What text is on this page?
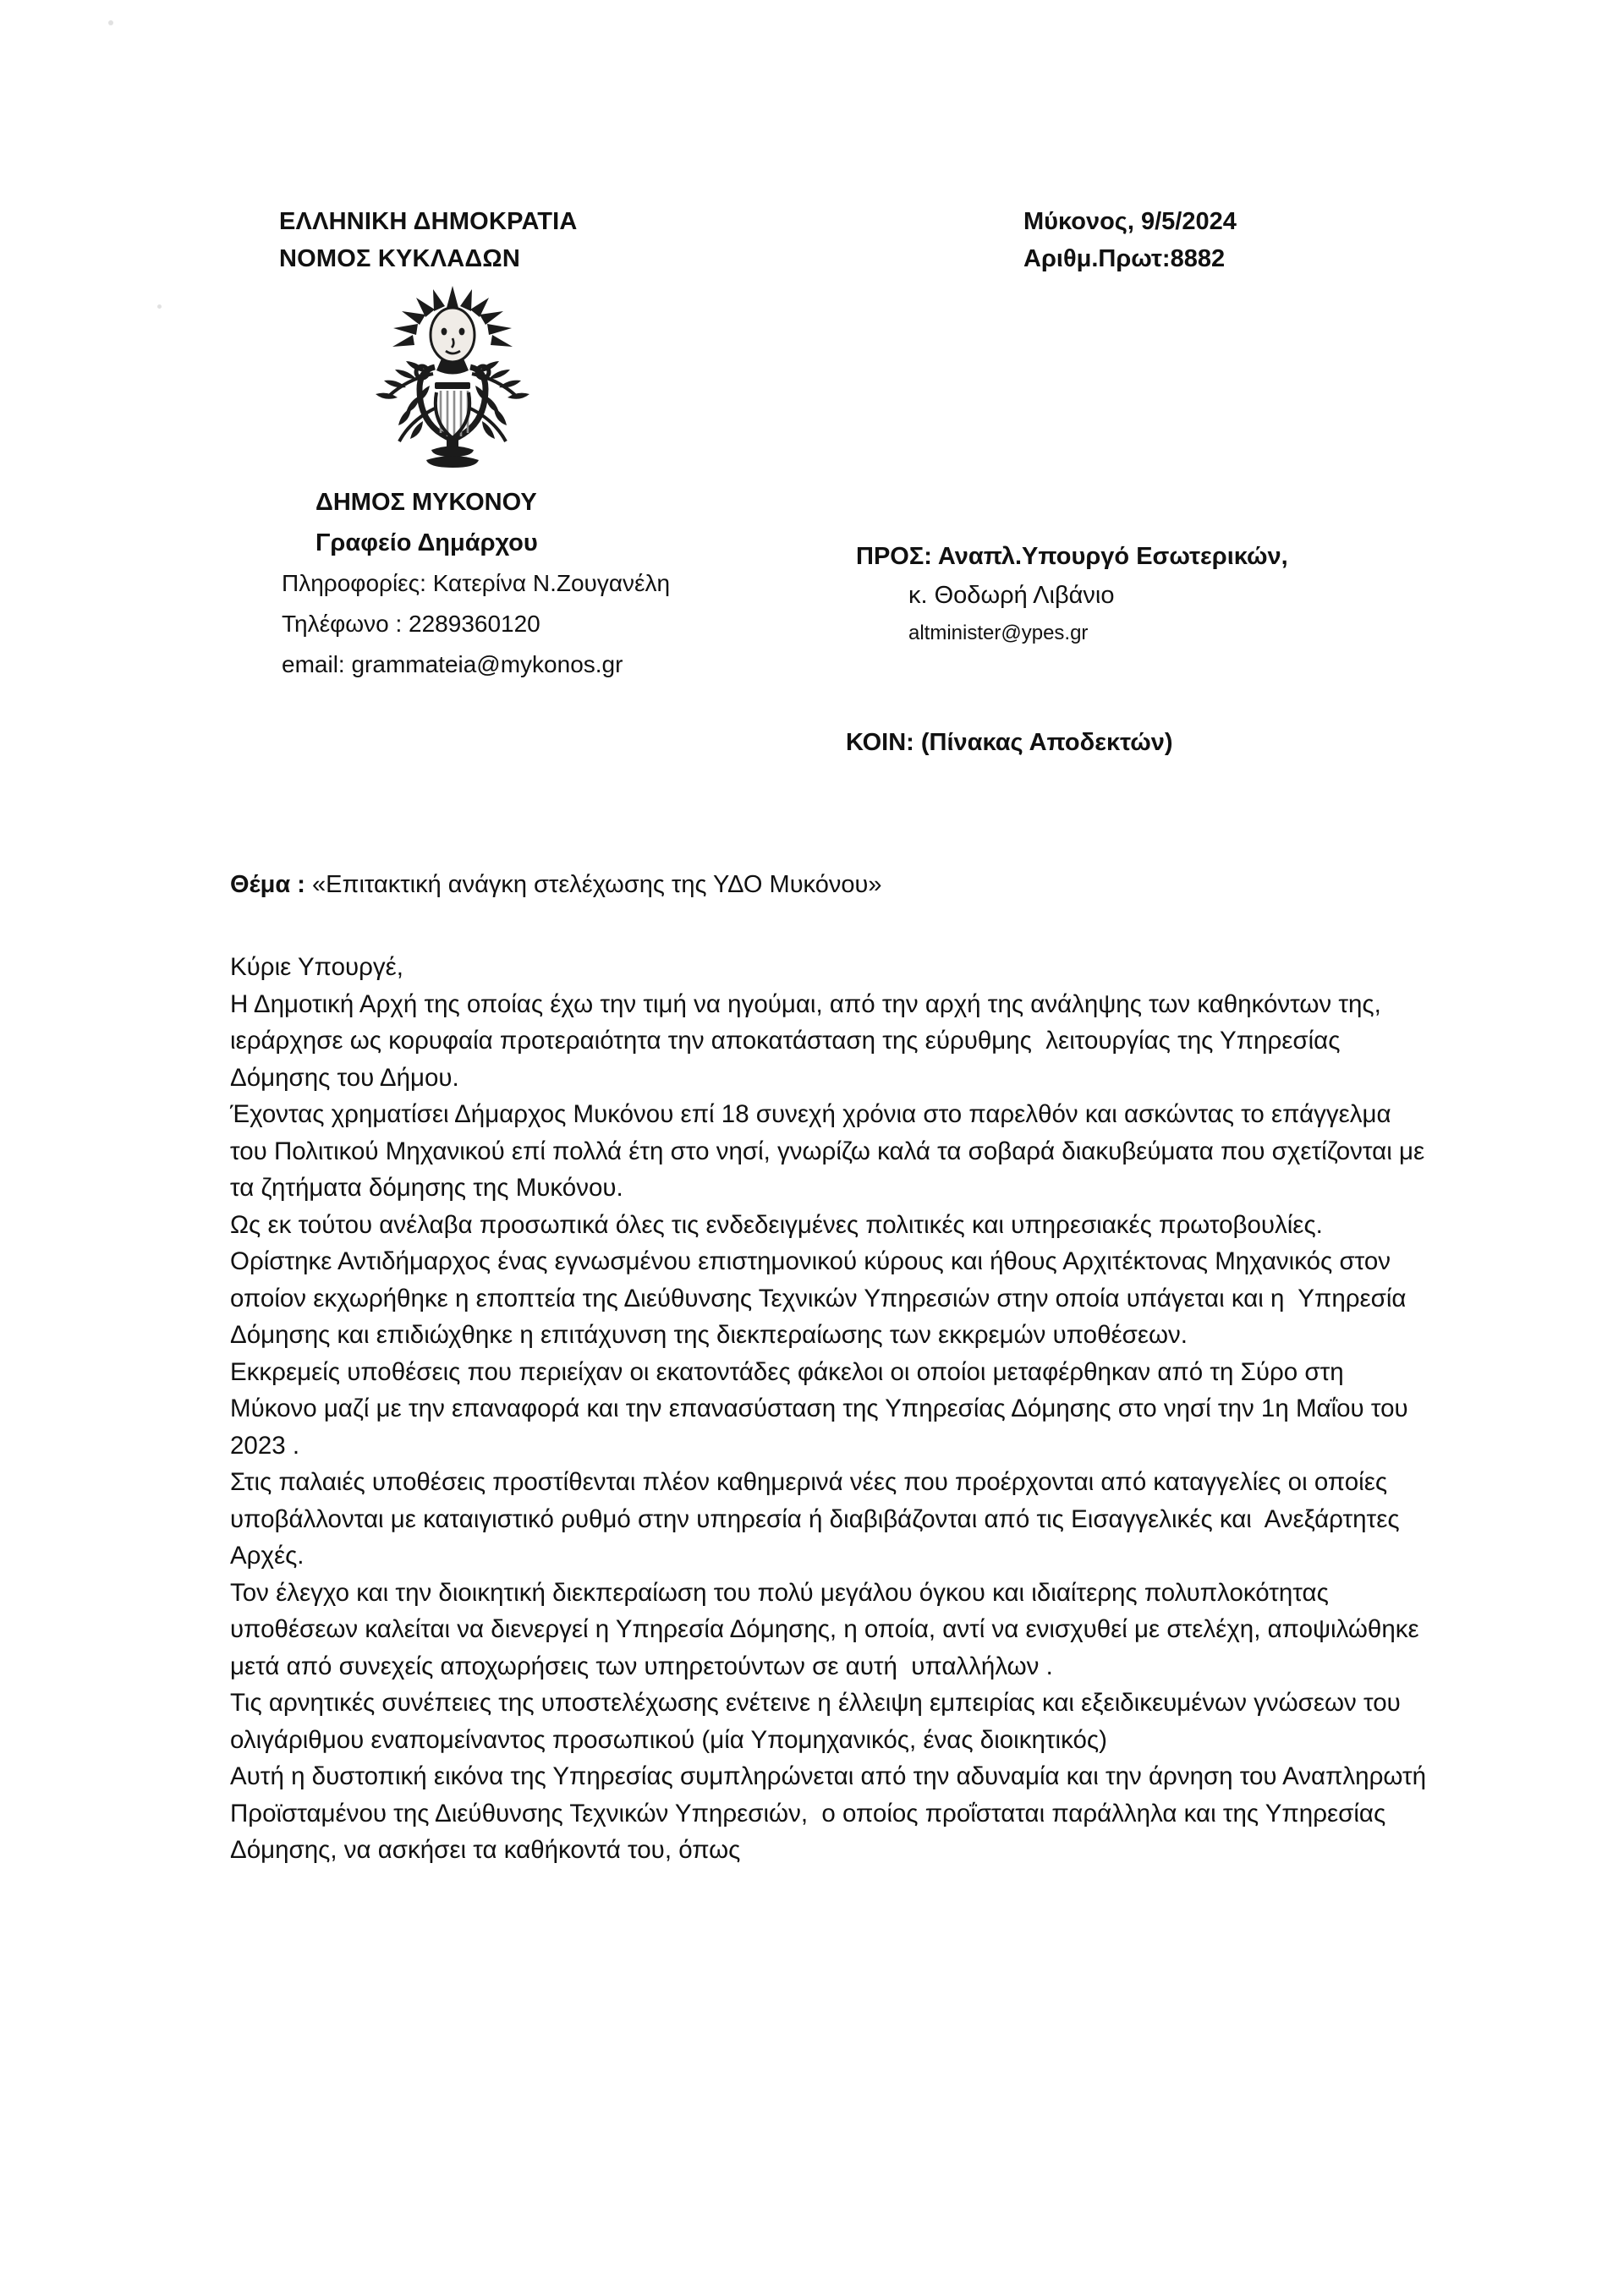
ΕΛΛΗΝΙΚΗ ΔΗΜΟΚΡΑΤΙΑ
ΝΟΜΟΣ ΚΥΚΛΑΔΩΝ
Μύκονος, 9/5/2024
Αριθμ.Πρωτ:8882
ΔΗΜΟΣ ΜΥΚΟΝΟΥ
Γραφείο Δημάρχου
Πληροφορίες: Κατερίνα Ν.Ζουγανέλη
Τηλέφωνο : 2289360120
email: grammateia@mykonos.gr
ΠΡΟΣ: Αναπλ.Υπουργό Εσωτερικών,
κ. Θοδωρή Λιβάνιο
altminister@ypes.gr
ΚΟΙΝ: (Πίνακας Αποδεκτών)
Θέμα : «Επιτακτική ανάγκη στελέχωσης της ΥΔΟ Μυκόνου»

Κύριε Υπουργέ,

Η Δημοτική Αρχή της οποίας έχω την τιμή να ηγούμαι, από την αρχή της ανάληψης των καθηκόντων της, ιεράρχησε ως κορυφαία προτεραιότητα την αποκατάσταση της εύρυθμης  λειτουργίας της Υπηρεσίας Δόμησης του Δήμου.

Έχοντας χρηματίσει Δήμαρχος Μυκόνου επί 18 συνεχή χρόνια στο παρελθόν και ασκώντας το επάγγελμα του Πολιτικού Μηχανικού επί πολλά έτη στο νησί, γνωρίζω καλά τα σοβαρά διακυβεύματα που σχετίζονται με τα ζητήματα δόμησης της Μυκόνου.

Ως εκ τούτου ανέλαβα προσωπικά όλες τις ενδεδειγμένες πολιτικές και υπηρεσιακές πρωτοβουλίες. Ορίστηκε Αντιδήμαρχος ένας εγνωσμένου επιστημονικού κύρους και ήθους Αρχιτέκτονας Μηχανικός στον οποίον εκχωρήθηκε η εποπτεία της Διεύθυνσης Τεχνικών Υπηρεσιών στην οποία υπάγεται και η  Υπηρεσία Δόμησης και επιδιώχθηκε η επιτάχυνση της διεκπεραίωσης των εκκρεμών υποθέσεων.

Εκκρεμείς υποθέσεις που περιείχαν οι εκατοντάδες φάκελοι οι οποίοι μεταφέρθηκαν από τη Σύρο στη Μύκονο μαζί με την επαναφορά και την επανασύσταση της Υπηρεσίας Δόμησης στο νησί την 1η Μαΐου του 2023 .

Στις παλαιές υποθέσεις προστίθενται πλέον καθημερινά νέες που προέρχονται από καταγγελίες οι οποίες υποβάλλονται με καταιγιστικό ρυθμό στην υπηρεσία ή διαβιβάζονται από τις Εισαγγελικές και  Ανεξάρτητες Αρχές.

Τον έλεγχο και την διοικητική διεκπεραίωση του πολύ μεγάλου όγκου και ιδιαίτερης πολυπλοκότητας υποθέσεων καλείται να διενεργεί η Υπηρεσία Δόμησης, η οποία, αντί να ενισχυθεί με στελέχη, αποψιλώθηκε μετά από συνεχείς αποχωρήσεις των υπηρετούντων σε αυτή  υπαλλήλων .

Τις αρνητικές συνέπειες της υποστελέχωσης ενέτεινε η έλλειψη εμπειρίας και εξειδικευμένων γνώσεων του ολιγάριθμου εναπομείναντος προσωπικού (μία Υπομηχανικός, ένας διοικητικός)

Αυτή η δυστοπική εικόνα της Υπηρεσίας συμπληρώνεται από την αδυναμία και την άρνηση του Αναπληρωτή Προϊσταμένου της Διεύθυνσης Τεχνικών Υπηρεσιών,  ο οποίος προΐσταται παράλληλα και της Υπηρεσίας Δόμησης, να ασκήσει τα καθήκοντά του, όπως
